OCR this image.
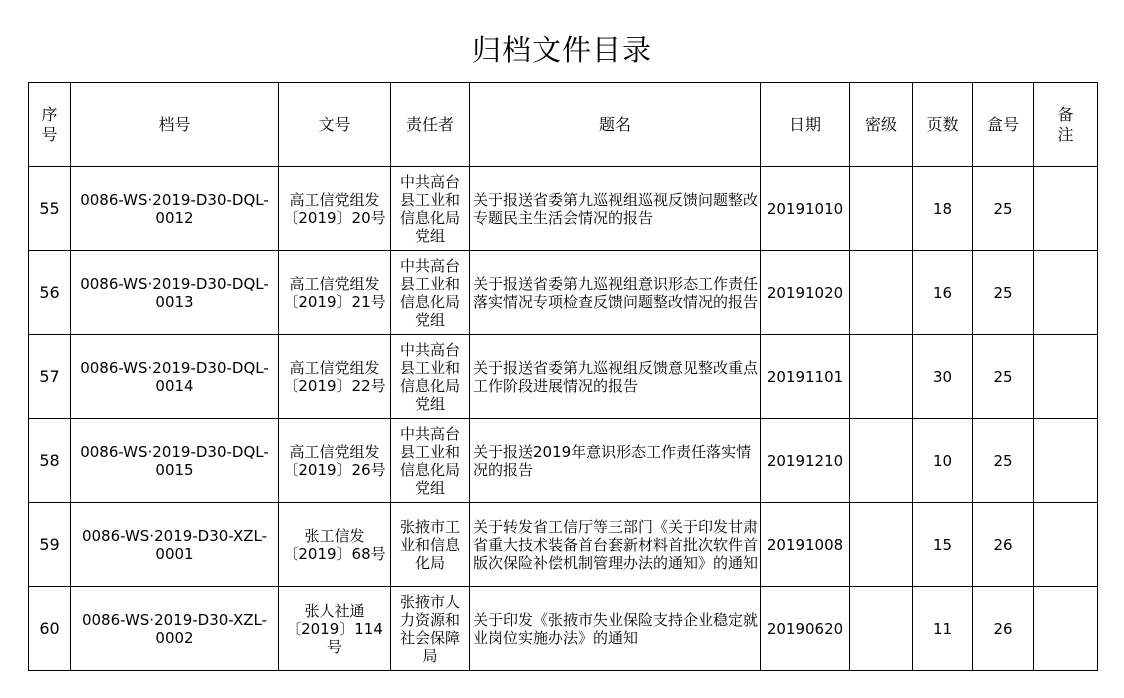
归档文件目录
序号	档号	文号	责任者	题名	日期	密级	页数	盒号	备注
55	0086-WS·2019-D30-DQL-0012	高工信党组发〔2019〕20号	中共高台县工业和信息化局党组	关于报送省委第九巡视组巡视反馈问题整改专题民主生活会情况的报告	20191010		18	25	
56	0086-WS·2019-D30-DQL-0013	高工信党组发〔2019〕21号	中共高台县工业和信息化局党组	关于报送省委第九巡视组意识形态工作责任落实情况专项检查反馈问题整改情况的报告	20191020		16	25	
57	0086-WS·2019-D30-DQL-0014	高工信党组发〔2019〕22号	中共高台县工业和信息化局党组	关于报送省委第九巡视组反馈意见整改重点工作阶段进展情况的报告	20191101		30	25	
58	0086-WS·2019-D30-DQL-0015	高工信党组发〔2019〕26号	中共高台县工业和信息化局党组	关于报送2019年意识形态工作责任落实情况的报告	20191210		10	25	
59	0086-WS·2019-D30-XZL-0001	张工信发〔2019〕68号	张掖市工业和信息化局	关于转发省工信厅等三部门《关于印发甘肃省重大技术装备首台套新材料首批次软件首版次保险补偿机制管理办法的通知》的通知	20191008		15	26	
60	0086-WS·2019-D30-XZL-0002	张人社通〔2019〕114号	张掖市人力资源和社会保障局	关于印发《张掖市失业保险支持企业稳定就业岗位实施办法》的通知	20190620		11	26	
